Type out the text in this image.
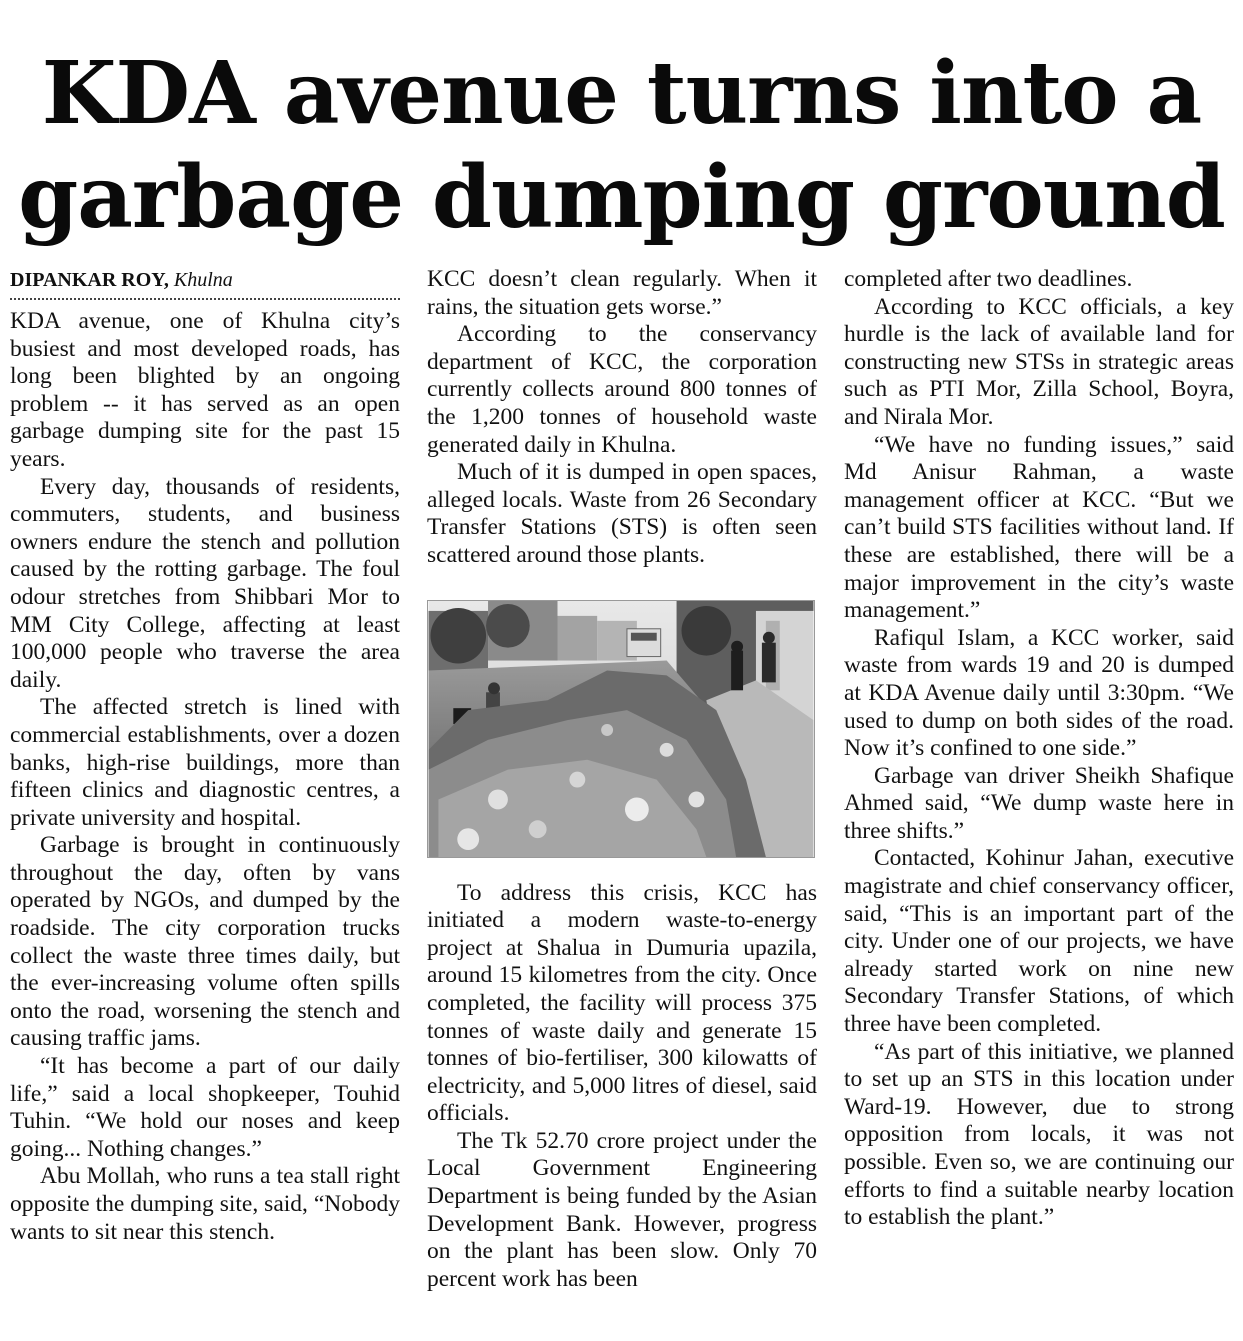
KDA avenue turns into a
garbage dumping ground
DIPANKAR ROY, Khulna

KDA avenue, one of Khulna city’s busiest and most developed roads, has long been blighted by an ongoing problem -- it has served as an open garbage dumping site for the past 15 years.

Every day, thousands of residents, commuters, students, and business owners endure the stench and pollution caused by the rotting garbage. The foul odour stretches from Shibbari Mor to MM City College, affecting at least 100,000 people who traverse the area daily.

The affected stretch is lined with commercial establishments, over a dozen banks, high-rise buildings, more than fifteen clinics and diagnostic centres, a private university and hospital.

Garbage is brought in continuously throughout the day, often by vans operated by NGOs, and dumped by the roadside. The city corporation trucks collect the waste three times daily, but the ever-increasing volume often spills onto the road, worsening the stench and causing traffic jams.

“It has become a part of our daily life,” said a local shopkeeper, Touhid Tuhin. “We hold our noses and keep going... Nothing changes.”

Abu Mollah, who runs a tea stall right opposite the dumping site, said, “Nobody wants to sit near this stench.

KCC doesn’t clean regularly. When it rains, the situation gets worse.”

According to the conservancy department of KCC, the corporation currently collects around 800 tonnes of the 1,200 tonnes of household waste generated daily in Khulna.

Much of it is dumped in open spaces, alleged locals. Waste from 26 Secondary Transfer Stations (STS) is often seen scattered around those plants.

To address this crisis, KCC has initiated a modern waste-to-energy project at Shalua in Dumuria upazila, around 15 kilometres from the city. Once completed, the facility will process 375 tonnes of waste daily and generate 15 tonnes of bio-fertiliser, 300 kilowatts of electricity, and 5,000 litres of diesel, said officials.

The Tk 52.70 crore project under the Local Government Engineering Department is being funded by the Asian Development Bank. However, progress on the plant has been slow. Only 70 percent work has been

completed after two deadlines.

According to KCC officials, a key hurdle is the lack of available land for constructing new STSs in strategic areas such as PTI Mor, Zilla School, Boyra, and Nirala Mor.

“We have no funding issues,” said Md Anisur Rahman, a waste management officer at KCC. “But we can’t build STS facilities without land. If these are established, there will be a major improvement in the city’s waste management.”

Rafiqul Islam, a KCC worker, said waste from wards 19 and 20 is dumped at KDA Avenue daily until 3:30pm. “We used to dump on both sides of the road. Now it’s confined to one side.”

Garbage van driver Sheikh Shafique Ahmed said, “We dump waste here in three shifts.”

Contacted, Kohinur Jahan, executive magistrate and chief conservancy officer, said, “This is an important part of the city. Under one of our projects, we have already started work on nine new Secondary Transfer Stations, of which three have been completed.

“As part of this initiative, we planned to set up an STS in this location under Ward-19. However, due to strong opposition from locals, it was not possible. Even so, we are continuing our efforts to find a suitable nearby location to establish the plant.”
